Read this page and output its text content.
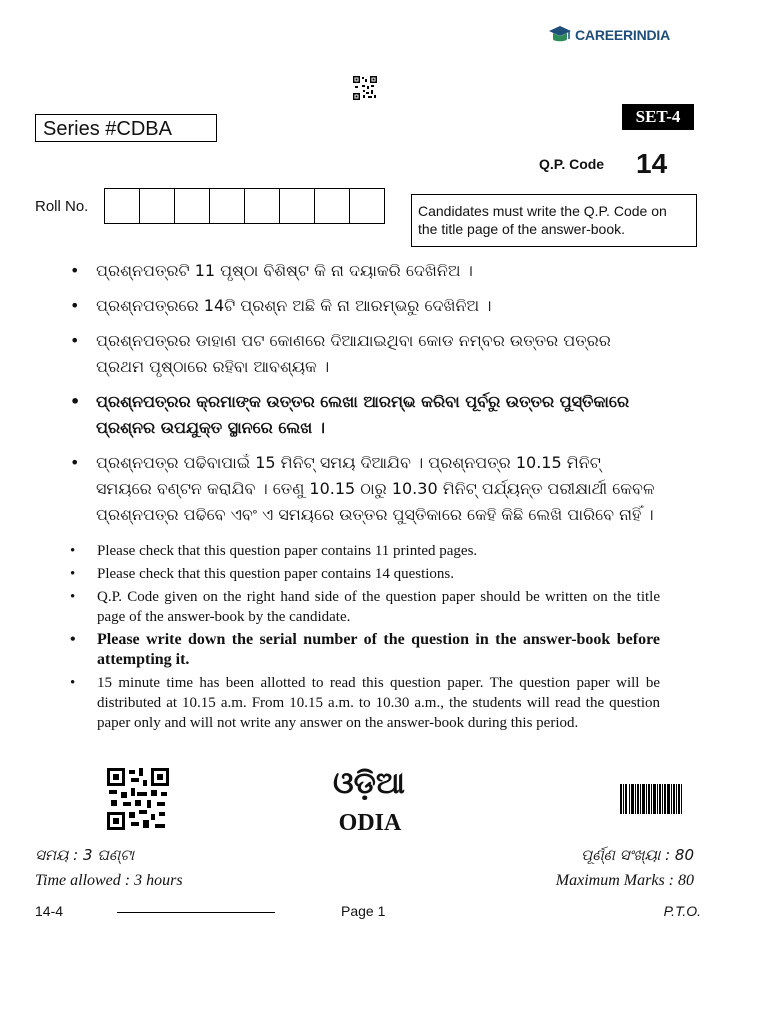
CAREERINDIA
Series #CDBA
SET-4
Q.P. Code 14
Roll No.	Candidates must write the Q.P. Code on the title page of the answer-book.
• ପ୍ରଶ୍ନପତ୍ରଟି 11 ପୃଷ୍ଠା ବିଶିଷ୍ଟ କି ନା ଦୟାକରି ଦେଖିନିଅ ।
• ପ୍ରଶ୍ନପତ୍ରରେ 14ଟି ପ୍ରଶ୍ନ ଅଛି କି ନା ଆରମ୍ଭରୁ ଦେଖିନିଅ ।
• ପ୍ରଶ୍ନପତ୍ରର ଡାହାଣ ପଟ କୋଣରେ ଦିଆଯାଇଥିବା କୋଡ ନମ୍ବର ଉତ୍ତର ପତ୍ରର ପ୍ରଥମ ପୃଷ୍ଠାରେ ରହିବା ଆବଶ୍ୟକ ।
• ପ୍ରଶ୍ନପତ୍ରର କ୍ରମାଙ୍କ ଉତ୍ତର ଲେଖା ଆରମ୍ଭ କରିବା ପୂର୍ବରୁ ଉତ୍ତର ପୁସ୍ତିକାରେ ପ୍ରଶ୍ନର ଉପଯୁକ୍ତ ସ୍ଥାନରେ ଲେଖ ।
• ପ୍ରଶ୍ନପତ୍ର ପଢିବାପାଇଁ 15 ମିନିଟ୍ ସମୟ ଦିଆଯିବ । ପ୍ରଶ୍ନପତ୍ର 10.15 ମିନିଟ୍ ସମୟରେ ବଣ୍ଟନ କରାଯିବ । ତେଣୁ 10.15 ଠାରୁ 10.30 ମିନିଟ୍ ପର୍ଯ୍ୟନ୍ତ ପରୀକ୍ଷାର୍ଥୀ କେବଳ ପ୍ରଶ୍ନପତ୍ର ପଢିବେ ଏବଂ ଏ ସମୟରେ ଉତ୍ତର ପୁସ୍ତିକାରେ କେହି କିଛି ଲେଖି ପାରିବେ ନାହିଁ ।
• Please check that this question paper contains 11 printed pages.
• Please check that this question paper contains 14 questions.
• Q.P. Code given on the right hand side of the question paper should be written on the title page of the answer-book by the candidate.
• Please write down the serial number of the question in the answer-book before attempting it.
• 15 minute time has been allotted to read this question paper. The question paper will be distributed at 10.15 a.m. From 10.15 a.m. to 10.30 a.m., the students will read the question paper only and will not write any answer on the answer-book during this period.
ଓଡ଼ିଆ
ODIA
ସମୟ : 3 ଘଣ୍ଟା	ପୂର୍ଣ୍ଣ ସଂଖ୍ୟା : 80
Time allowed : 3 hours	Maximum Marks : 80
14-4	Page 1	P.T.O.
